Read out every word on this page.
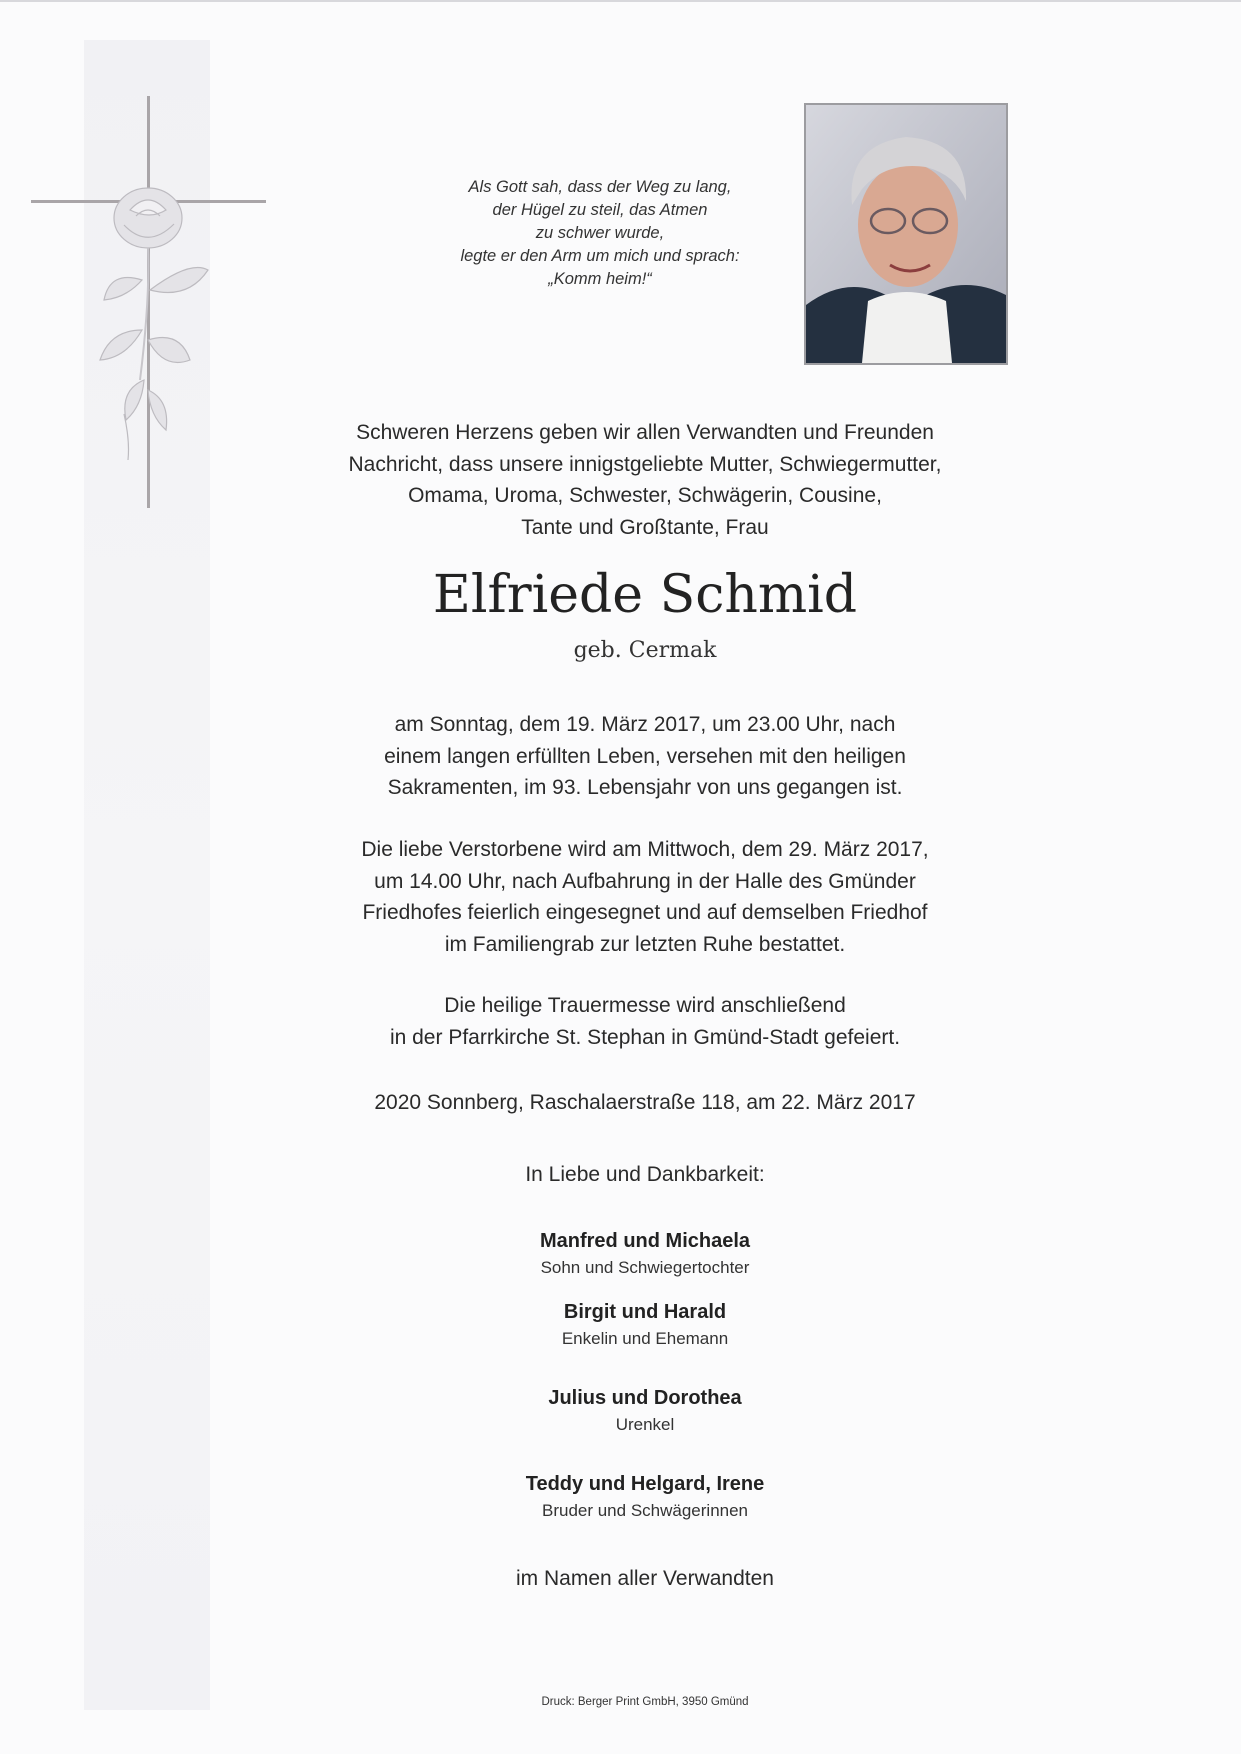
Als Gott sah, dass der Weg zu lang,
der Hügel zu steil, das Atmen
zu schwer wurde,
legte er den Arm um mich und sprach:
„Komm heim!“
Schweren Herzens geben wir allen Verwandten und Freunden
Nachricht, dass unsere innigstgeliebte Mutter, Schwiegermutter,
Omama, Uroma, Schwester, Schwägerin, Cousine,
Tante und Großtante, Frau
Elfriede Schmid
geb. Cermak
am Sonntag, dem 19. März 2017, um 23.00 Uhr, nach
einem langen erfüllten Leben, versehen mit den heiligen
Sakramenten, im 93. Lebensjahr von uns gegangen ist.
Die liebe Verstorbene wird am Mittwoch, dem 29. März 2017,
um 14.00 Uhr, nach Aufbahrung in der Halle des Gmünder
Friedhofes feierlich eingesegnet und auf demselben Friedhof
im Familiengrab zur letzten Ruhe bestattet.
Die heilige Trauermesse wird anschließend
in der Pfarrkirche St. Stephan in Gmünd-Stadt gefeiert.
2020 Sonnberg, Raschalaerstraße 118, am 22. März 2017
In Liebe und Dankbarkeit:
Manfred und Michaela
Sohn und Schwiegertochter
Birgit und Harald
Enkelin und Ehemann
Julius und Dorothea
Urenkel
Teddy und Helgard, Irene
Bruder und Schwägerinnen
im Namen aller Verwandten
Druck: Berger Print GmbH, 3950 Gmünd
